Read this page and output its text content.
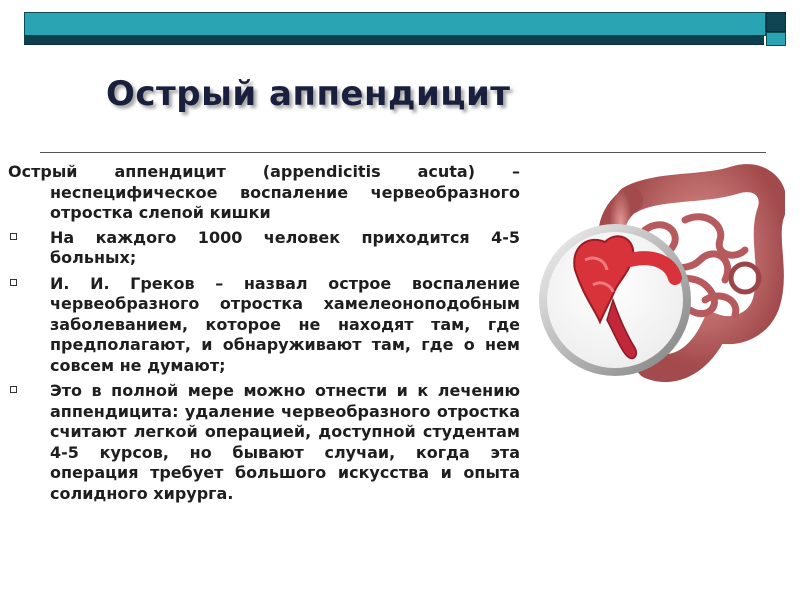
Острый аппендицит

Острый аппендицит (appendicitis acuta) –
неспецифическое воспаление червеобразного отростка слепой кишки

На каждого 1000 человек приходится 4-5 больных;
И. И. Греков – назвал острое воспаление червеобразного отростка хамелеоноподобным заболеванием, которое не находят там, где предполагают, и обнаруживают там, где о нем совсем не думают;
Это в полной мере можно отнести и к лечению аппендицита: удаление червеобразного отростка считают легкой операцией, доступной студентам 4-5 курсов, но бывают случаи, когда эта операция требует большого искусства и опыта солидного хирурга.
